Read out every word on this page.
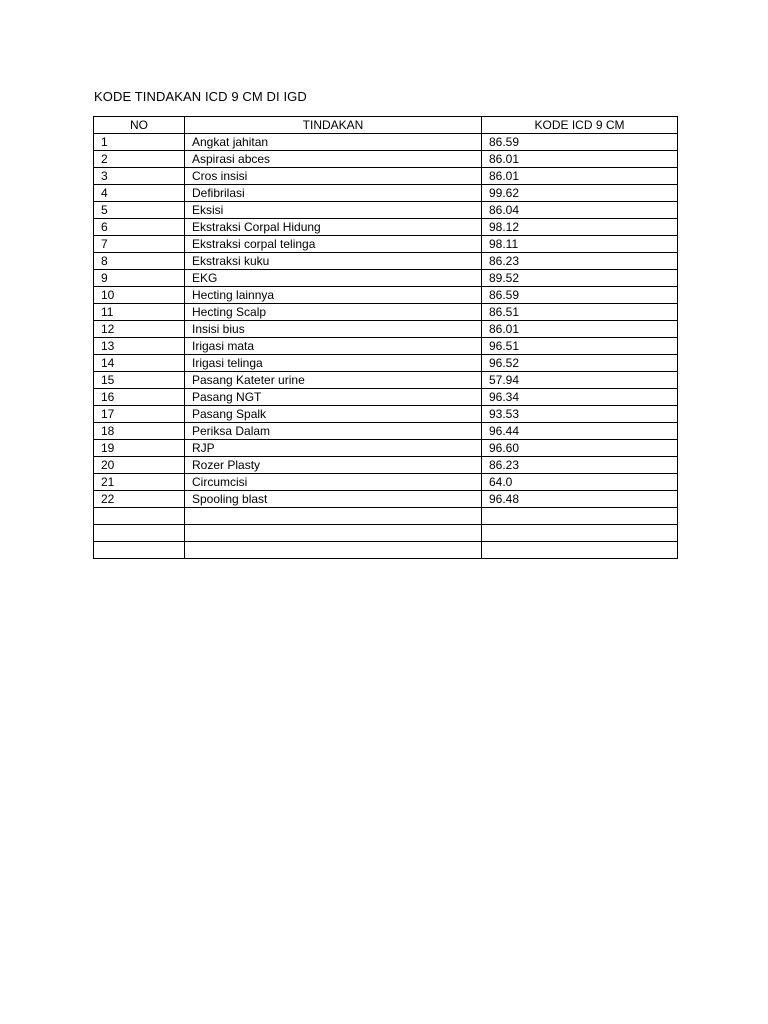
KODE TINDAKAN ICD 9 CM DI IGD
NO	TINDAKAN	KODE ICD 9 CM
1	Angkat jahitan	86.59
2	Aspirasi abces	86.01
3	Cros insisi	86.01
4	Defibrilasi	99.62
5	Eksisi	86.04
6	Ekstraksi Corpal Hidung	98.12
7	Ekstraksi corpal telinga	98.11
8	Ekstraksi kuku	86.23
9	EKG	89.52
10	Hecting lainnya	86.59
11	Hecting Scalp	86.51
12	Insisi bius	86.01
13	Irigasi mata	96.51
14	Irigasi telinga	96.52
15	Pasang Kateter urine	57.94
16	Pasang NGT	96.34
17	Pasang Spalk	93.53
18	Periksa Dalam	96.44
19	RJP	96.60
20	Rozer Plasty	86.23
21	Circumcisi	64.0
22	Spooling blast	96.48
